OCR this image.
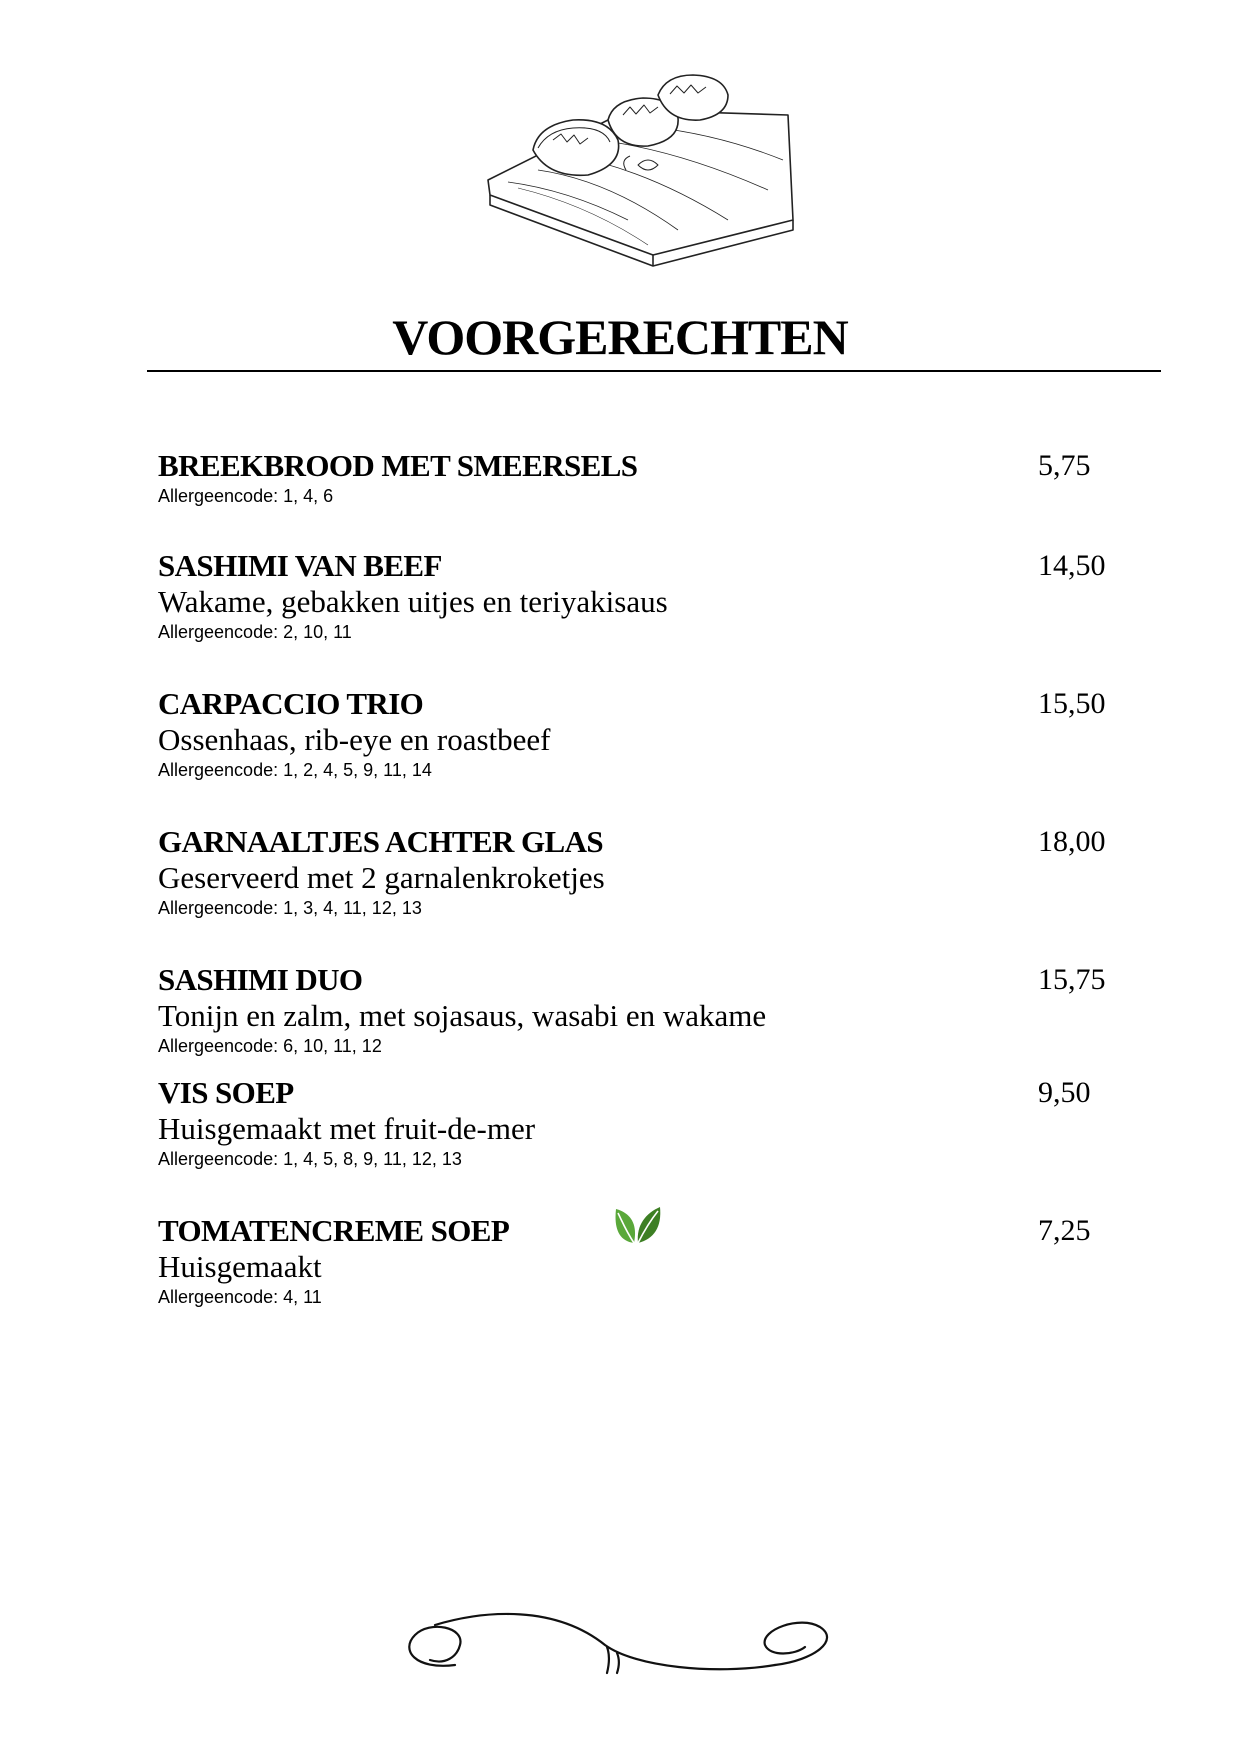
VOORGERECHTEN
BREEKBROOD MET SMEERSELS
Allergeencode: 1, 4, 6
5,75
SASHIMI VAN BEEF
Wakame, gebakken uitjes en teriyakisaus
Allergeencode: 2, 10, 11
14,50
CARPACCIO TRIO
Ossenhaas, rib-eye en roastbeef
Allergeencode: 1, 2, 4, 5, 9, 11, 14
15,50
GARNAALTJES ACHTER GLAS
Geserveerd met 2 garnalenkroketjes
Allergeencode: 1, 3, 4, 11, 12, 13
18,00
SASHIMI DUO
Tonijn en zalm, met sojasaus, wasabi en wakame
Allergeencode: 6, 10, 11, 12
15,75
VIS SOEP
Huisgemaakt met fruit-de-mer
Allergeencode: 1, 4, 5, 8, 9, 11, 12, 13
9,50
TOMATENCREME SOEP
Huisgemaakt
Allergeencode: 4, 11
7,25
